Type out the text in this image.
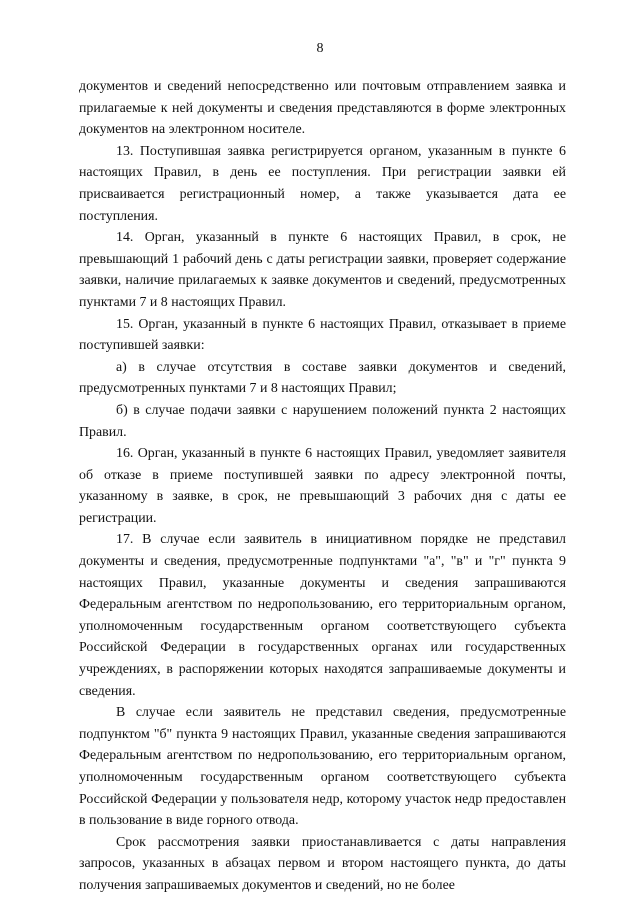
8

документов и сведений непосредственно или почтовым отправлением заявка и прилагаемые к ней документы и сведения представляются в форме электронных документов на электронном носителе.

13. Поступившая заявка регистрируется органом, указанным в пункте 6 настоящих Правил, в день ее поступления. При регистрации заявки ей присваивается регистрационный номер, а также указывается дата ее поступления.

14. Орган, указанный в пункте 6 настоящих Правил, в срок, не превышающий 1 рабочий день с даты регистрации заявки, проверяет содержание заявки, наличие прилагаемых к заявке документов и сведений, предусмотренных пунктами 7 и 8 настоящих Правил.

15. Орган, указанный в пункте 6 настоящих Правил, отказывает в приеме поступившей заявки:

а) в случае отсутствия в составе заявки документов и сведений, предусмотренных пунктами 7 и 8 настоящих Правил;

б) в случае подачи заявки с нарушением положений пункта 2 настоящих Правил.

16. Орган, указанный в пункте 6 настоящих Правил, уведомляет заявителя об отказе в приеме поступившей заявки по адресу электронной почты, указанному в заявке, в срок, не превышающий 3 рабочих дня с даты ее регистрации.

17. В случае если заявитель в инициативном порядке не представил документы и сведения, предусмотренные подпунктами "а", "в" и "г" пункта 9 настоящих Правил, указанные документы и сведения запрашиваются Федеральным агентством по недропользованию, его территориальным органом, уполномоченным государственным органом соответствующего субъекта Российской Федерации в государственных органах или государственных учреждениях, в распоряжении которых находятся запрашиваемые документы и сведения.

В случае если заявитель не представил сведения, предусмотренные подпунктом "б" пункта 9 настоящих Правил, указанные сведения запрашиваются Федеральным агентством по недропользованию, его территориальным органом, уполномоченным государственным органом соответствующего субъекта Российской Федерации у пользователя недр, которому участок недр предоставлен в пользование в виде горного отвода.

Срок рассмотрения заявки приостанавливается с даты направления запросов, указанных в абзацах первом и втором настоящего пункта, до даты получения запрашиваемых документов и сведений, но не более
